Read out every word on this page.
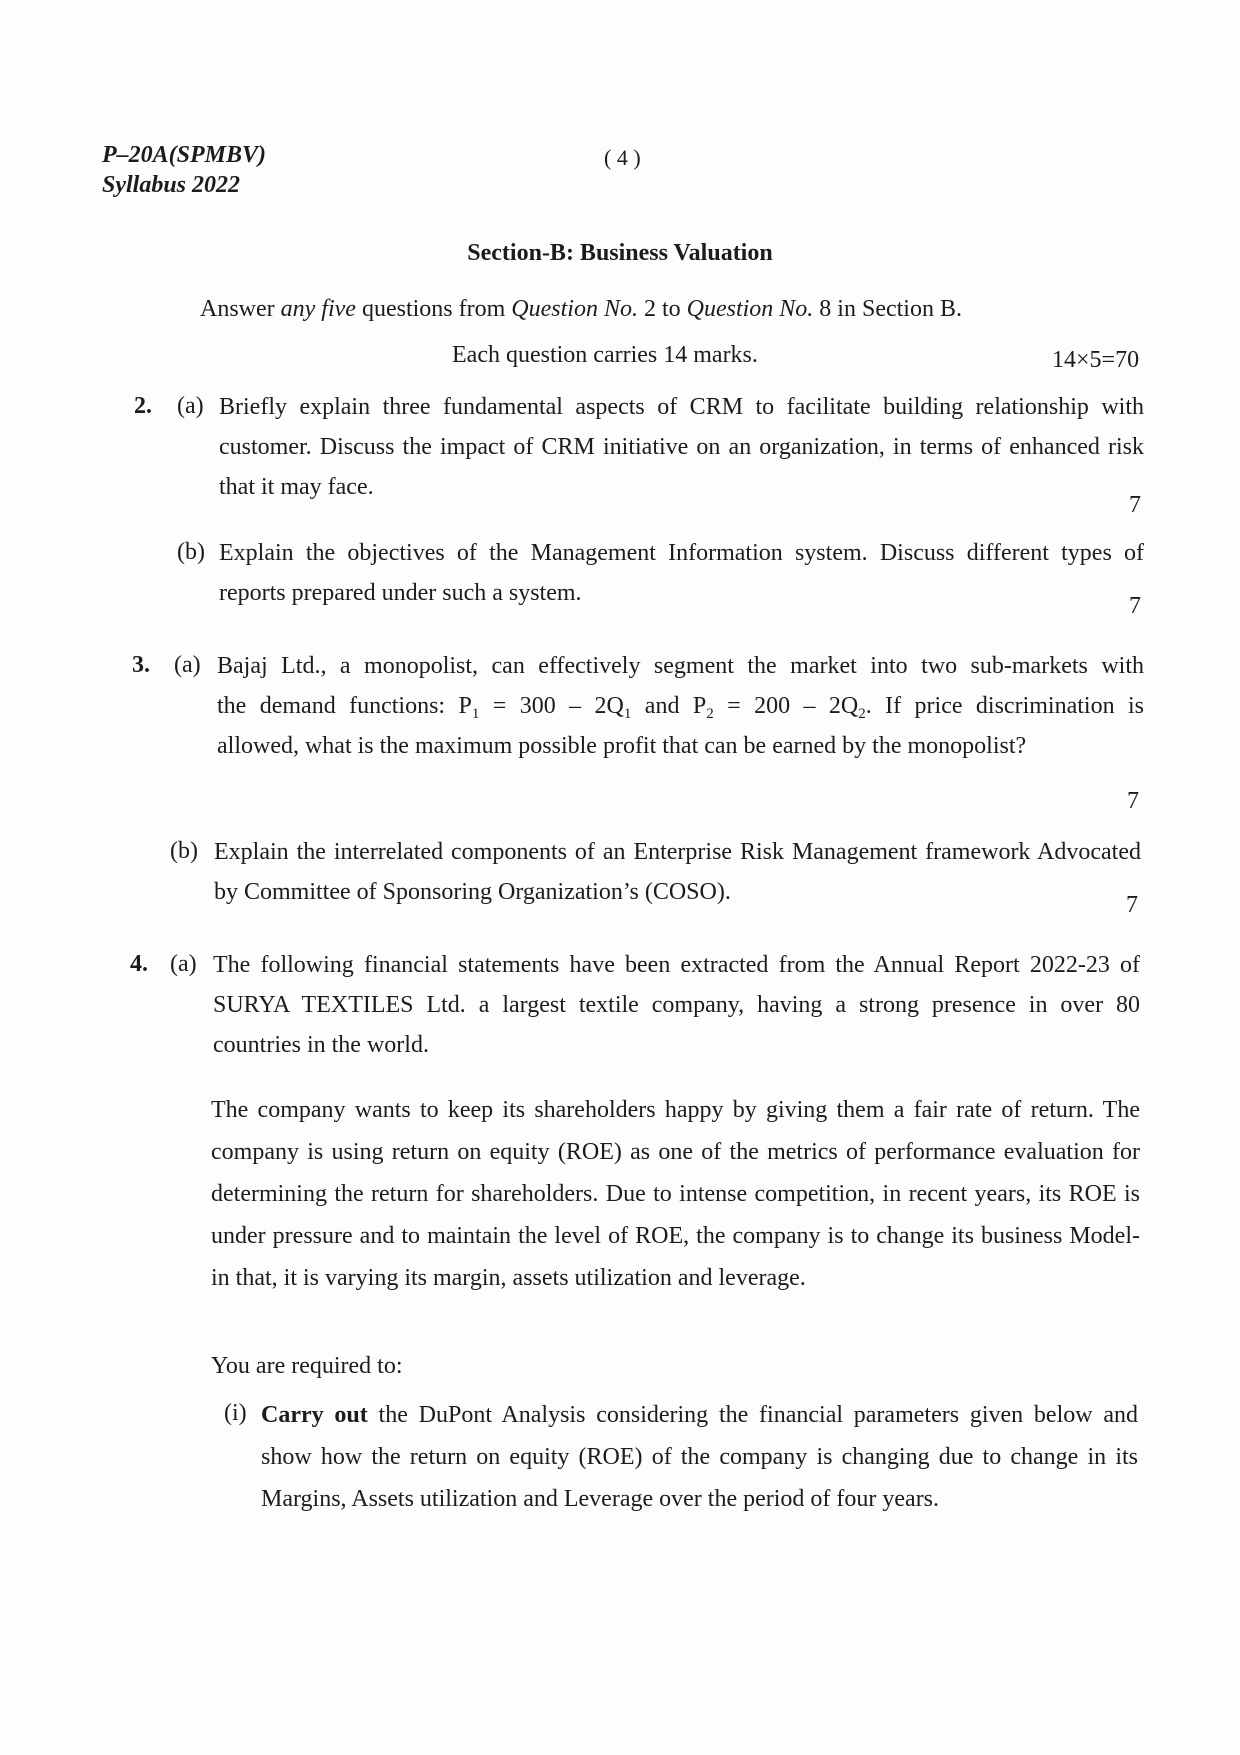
P–20A(SPMBV)
Syllabus 2022
( 4 )
Section-B: Business Valuation
Answer any five questions from Question No. 2 to Question No. 8 in Section B.
Each question carries 14 marks.	14×5=70
2. (a) Briefly explain three fundamental aspects of CRM to facilitate building relationship with customer. Discuss the impact of CRM initiative on an organization, in terms of enhanced risk that it may face.
7
(b) Explain the objectives of the Management Information system. Discuss different types of reports prepared under such a system.	7
3. (a) Bajaj Ltd., a monopolist, can effectively segment the market into two sub-markets with
the demand functions: $P_1 = 300 - 2Q_1$ and $P_2 = 200 - 2Q_2$. If price discrimination is
allowed, what is the maximum possible profit that can be earned by the monopolist?
7
(b) Explain the interrelated components of an Enterprise Risk Management framework Advocated by Committee of Sponsoring Organization’s (COSO).	7
4. (a) The following financial statements have been extracted from the Annual Report 2022-23 of SURYA TEXTILES Ltd. a largest textile company, having a strong presence in over 80 countries in the world.
The company wants to keep its shareholders happy by giving them a fair rate of return. The company is using return on equity (ROE) as one of the metrics of performance evaluation for determining the return for shareholders. Due to intense competition, in recent years, its ROE is under pressure and to maintain the level of ROE, the company is to change its business Model-in that, it is varying its margin, assets utilization and leverage.
You are required to:
(i) Carry out the DuPont Analysis considering the financial parameters given below and show how the return on equity (ROE) of the company is changing due to change in its Margins, Assets utilization and Leverage over the period of four years.
